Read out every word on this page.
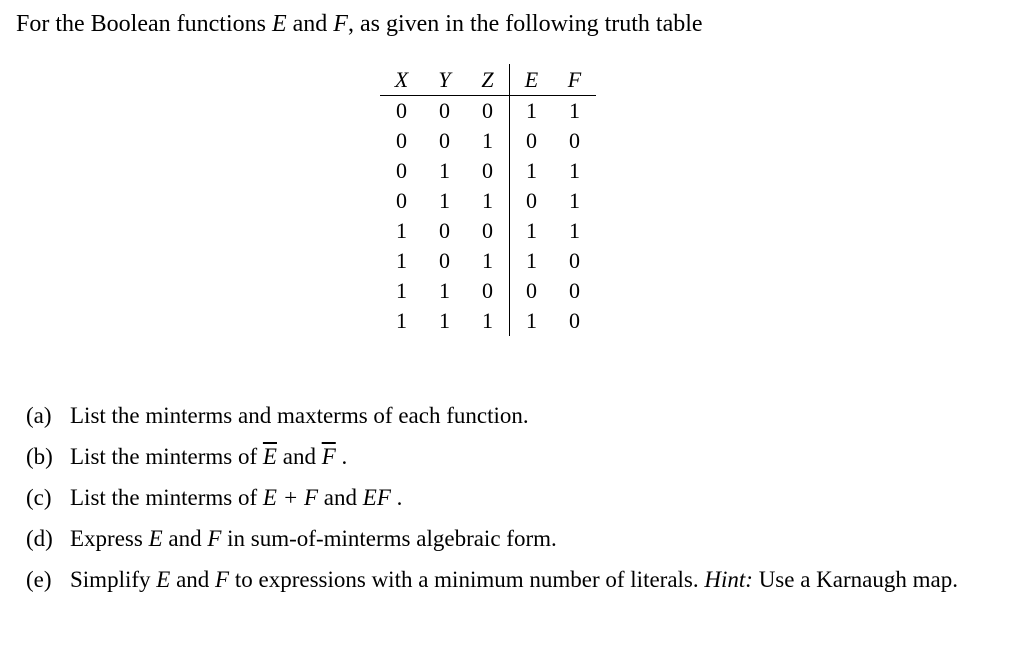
For the Boolean functions E and F, as given in the following truth table
X	Y	Z	E	F
0	0	0	1	1
0	0	1	0	0
0	1	0	1	1
0	1	1	0	1
1	0	0	1	1
1	0	1	1	0
1	1	0	0	0
1	1	1	1	0
(a) List the minterms and maxterms of each function.
(b) List the minterms of $\overline{E}$ and $\overline{F}$ .
(c) List the minterms of E + F and EF .
(d) Express E and F in sum-of-minterms algebraic form.
(e) Simplify E and F to expressions with a minimum number of literals. Hint: Use a Karnaugh map.
